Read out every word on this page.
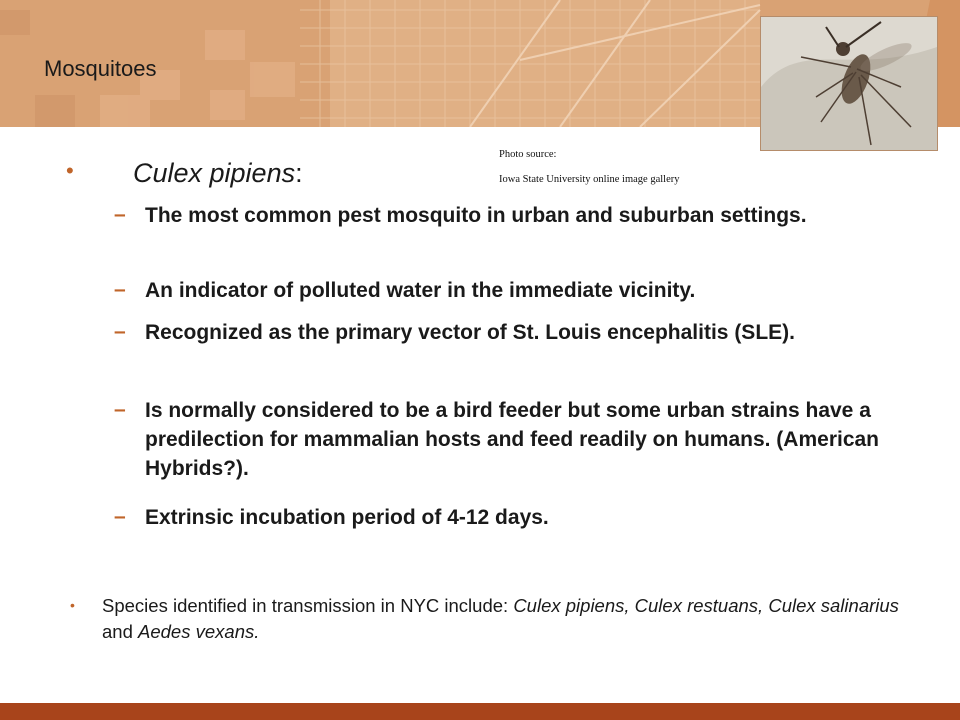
Mosquitoes
Photo source:
Iowa State University online image gallery
• Culex pipiens:
– The most common pest mosquito in urban and suburban settings.
– An indicator of polluted water in the immediate vicinity.
– Recognized as the primary vector of St. Louis encephalitis (SLE).
– Is normally considered to be a bird feeder but some urban strains have a predilection for mammalian hosts and feed readily on humans. (American Hybrids?).
– Extrinsic incubation period of 4-12 days.
• Species identified in transmission in NYC include: Culex pipiens, Culex restuans, Culex salinarius and Aedes vexans.
